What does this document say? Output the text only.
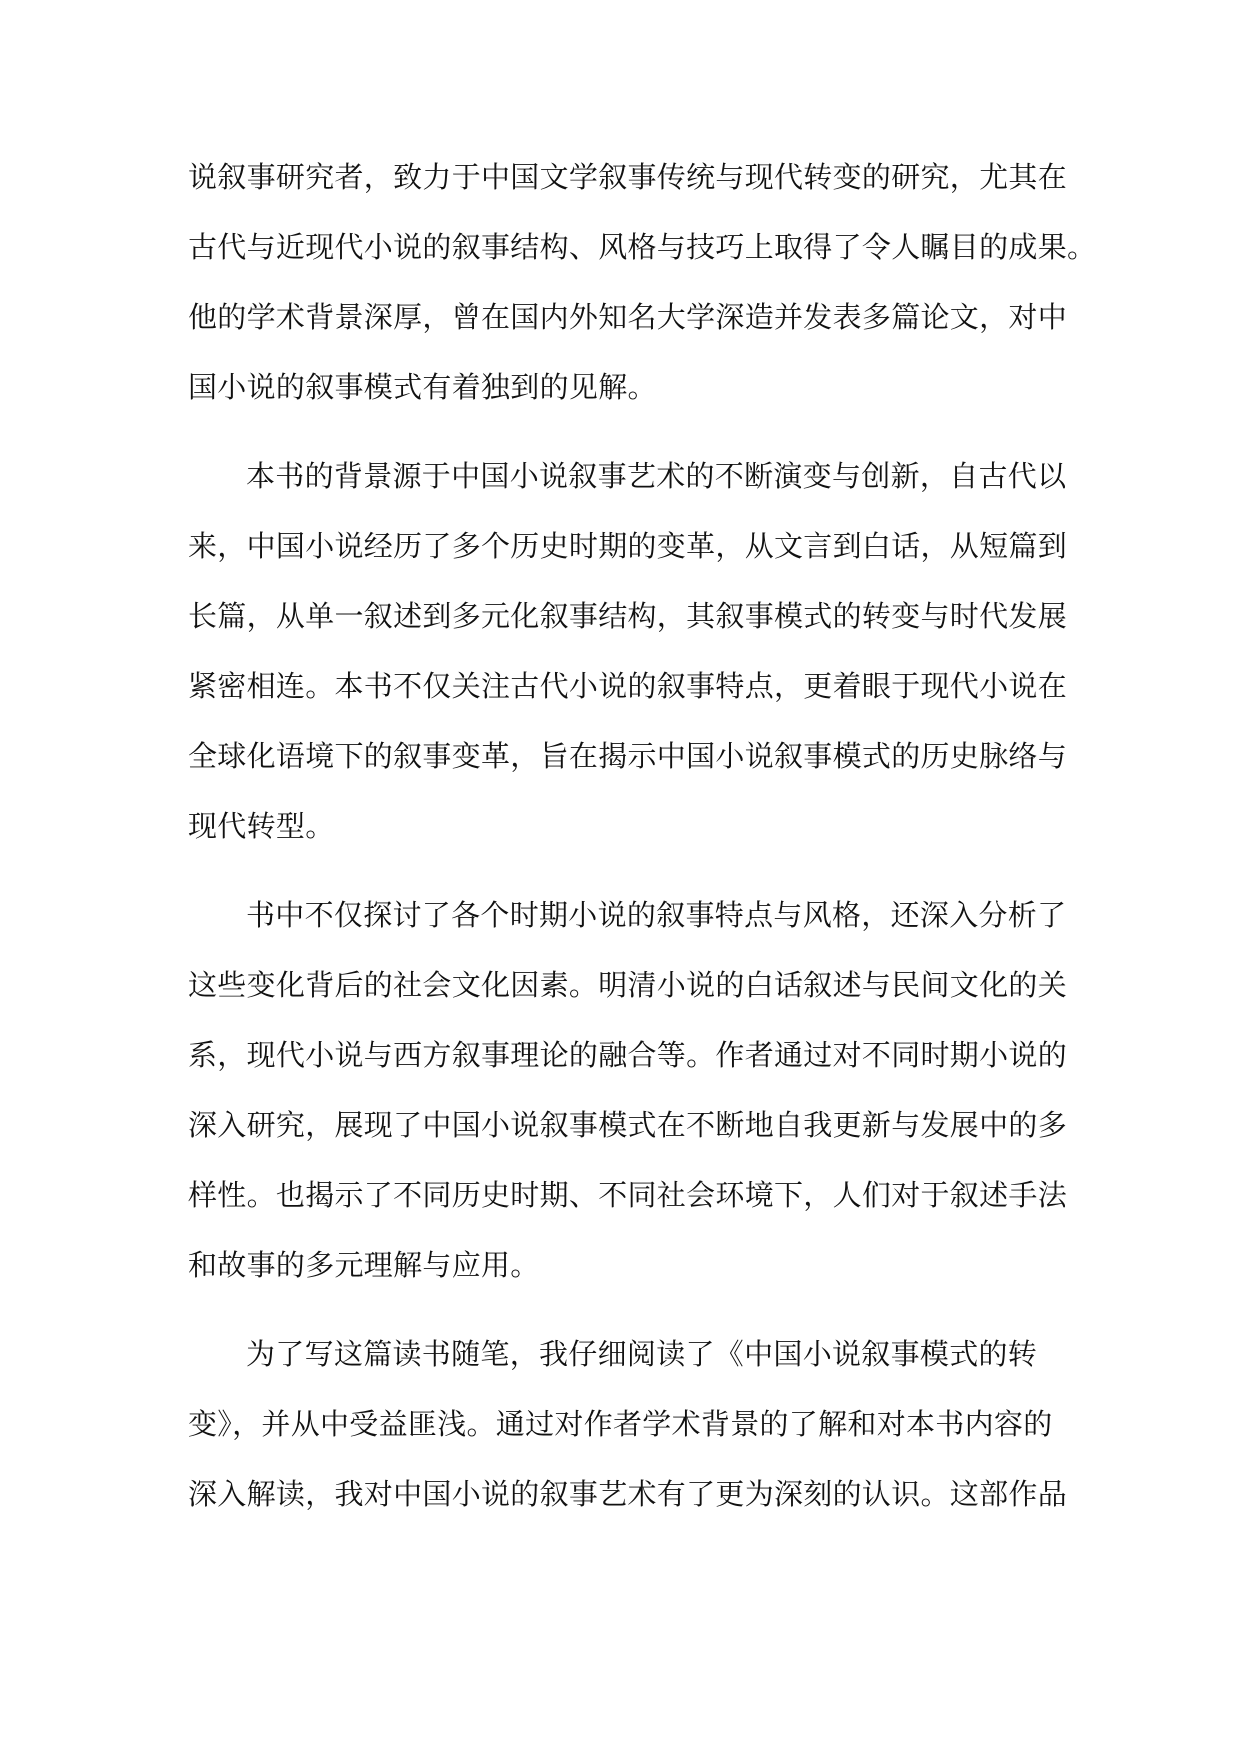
说叙事研究者，致力于中国文学叙事传统与现代转变的研究，尤其在
古代与近现代小说的叙事结构、风格与技巧上取得了令人瞩目的成果。
他的学术背景深厚，曾在国内外知名大学深造并发表多篇论文，对中
国小说的叙事模式有着独到的见解。
本书的背景源于中国小说叙事艺术的不断演变与创新，自古代以
来，中国小说经历了多个历史时期的变革，从文言到白话，从短篇到
长篇，从单一叙述到多元化叙事结构，其叙事模式的转变与时代发展
紧密相连。本书不仅关注古代小说的叙事特点，更着眼于现代小说在
全球化语境下的叙事变革，旨在揭示中国小说叙事模式的历史脉络与
现代转型。
书中不仅探讨了各个时期小说的叙事特点与风格，还深入分析了
这些变化背后的社会文化因素。明清小说的白话叙述与民间文化的关
系，现代小说与西方叙事理论的融合等。作者通过对不同时期小说的
深入研究，展现了中国小说叙事模式在不断地自我更新与发展中的多
样性。也揭示了不同历史时期、不同社会环境下，人们对于叙述手法
和故事的多元理解与应用。
为了写这篇读书随笔，我仔细阅读了《中国小说叙事模式的转
变》，并从中受益匪浅。通过对作者学术背景的了解和对本书内容的
深入解读，我对中国小说的叙事艺术有了更为深刻的认识。这部作品
